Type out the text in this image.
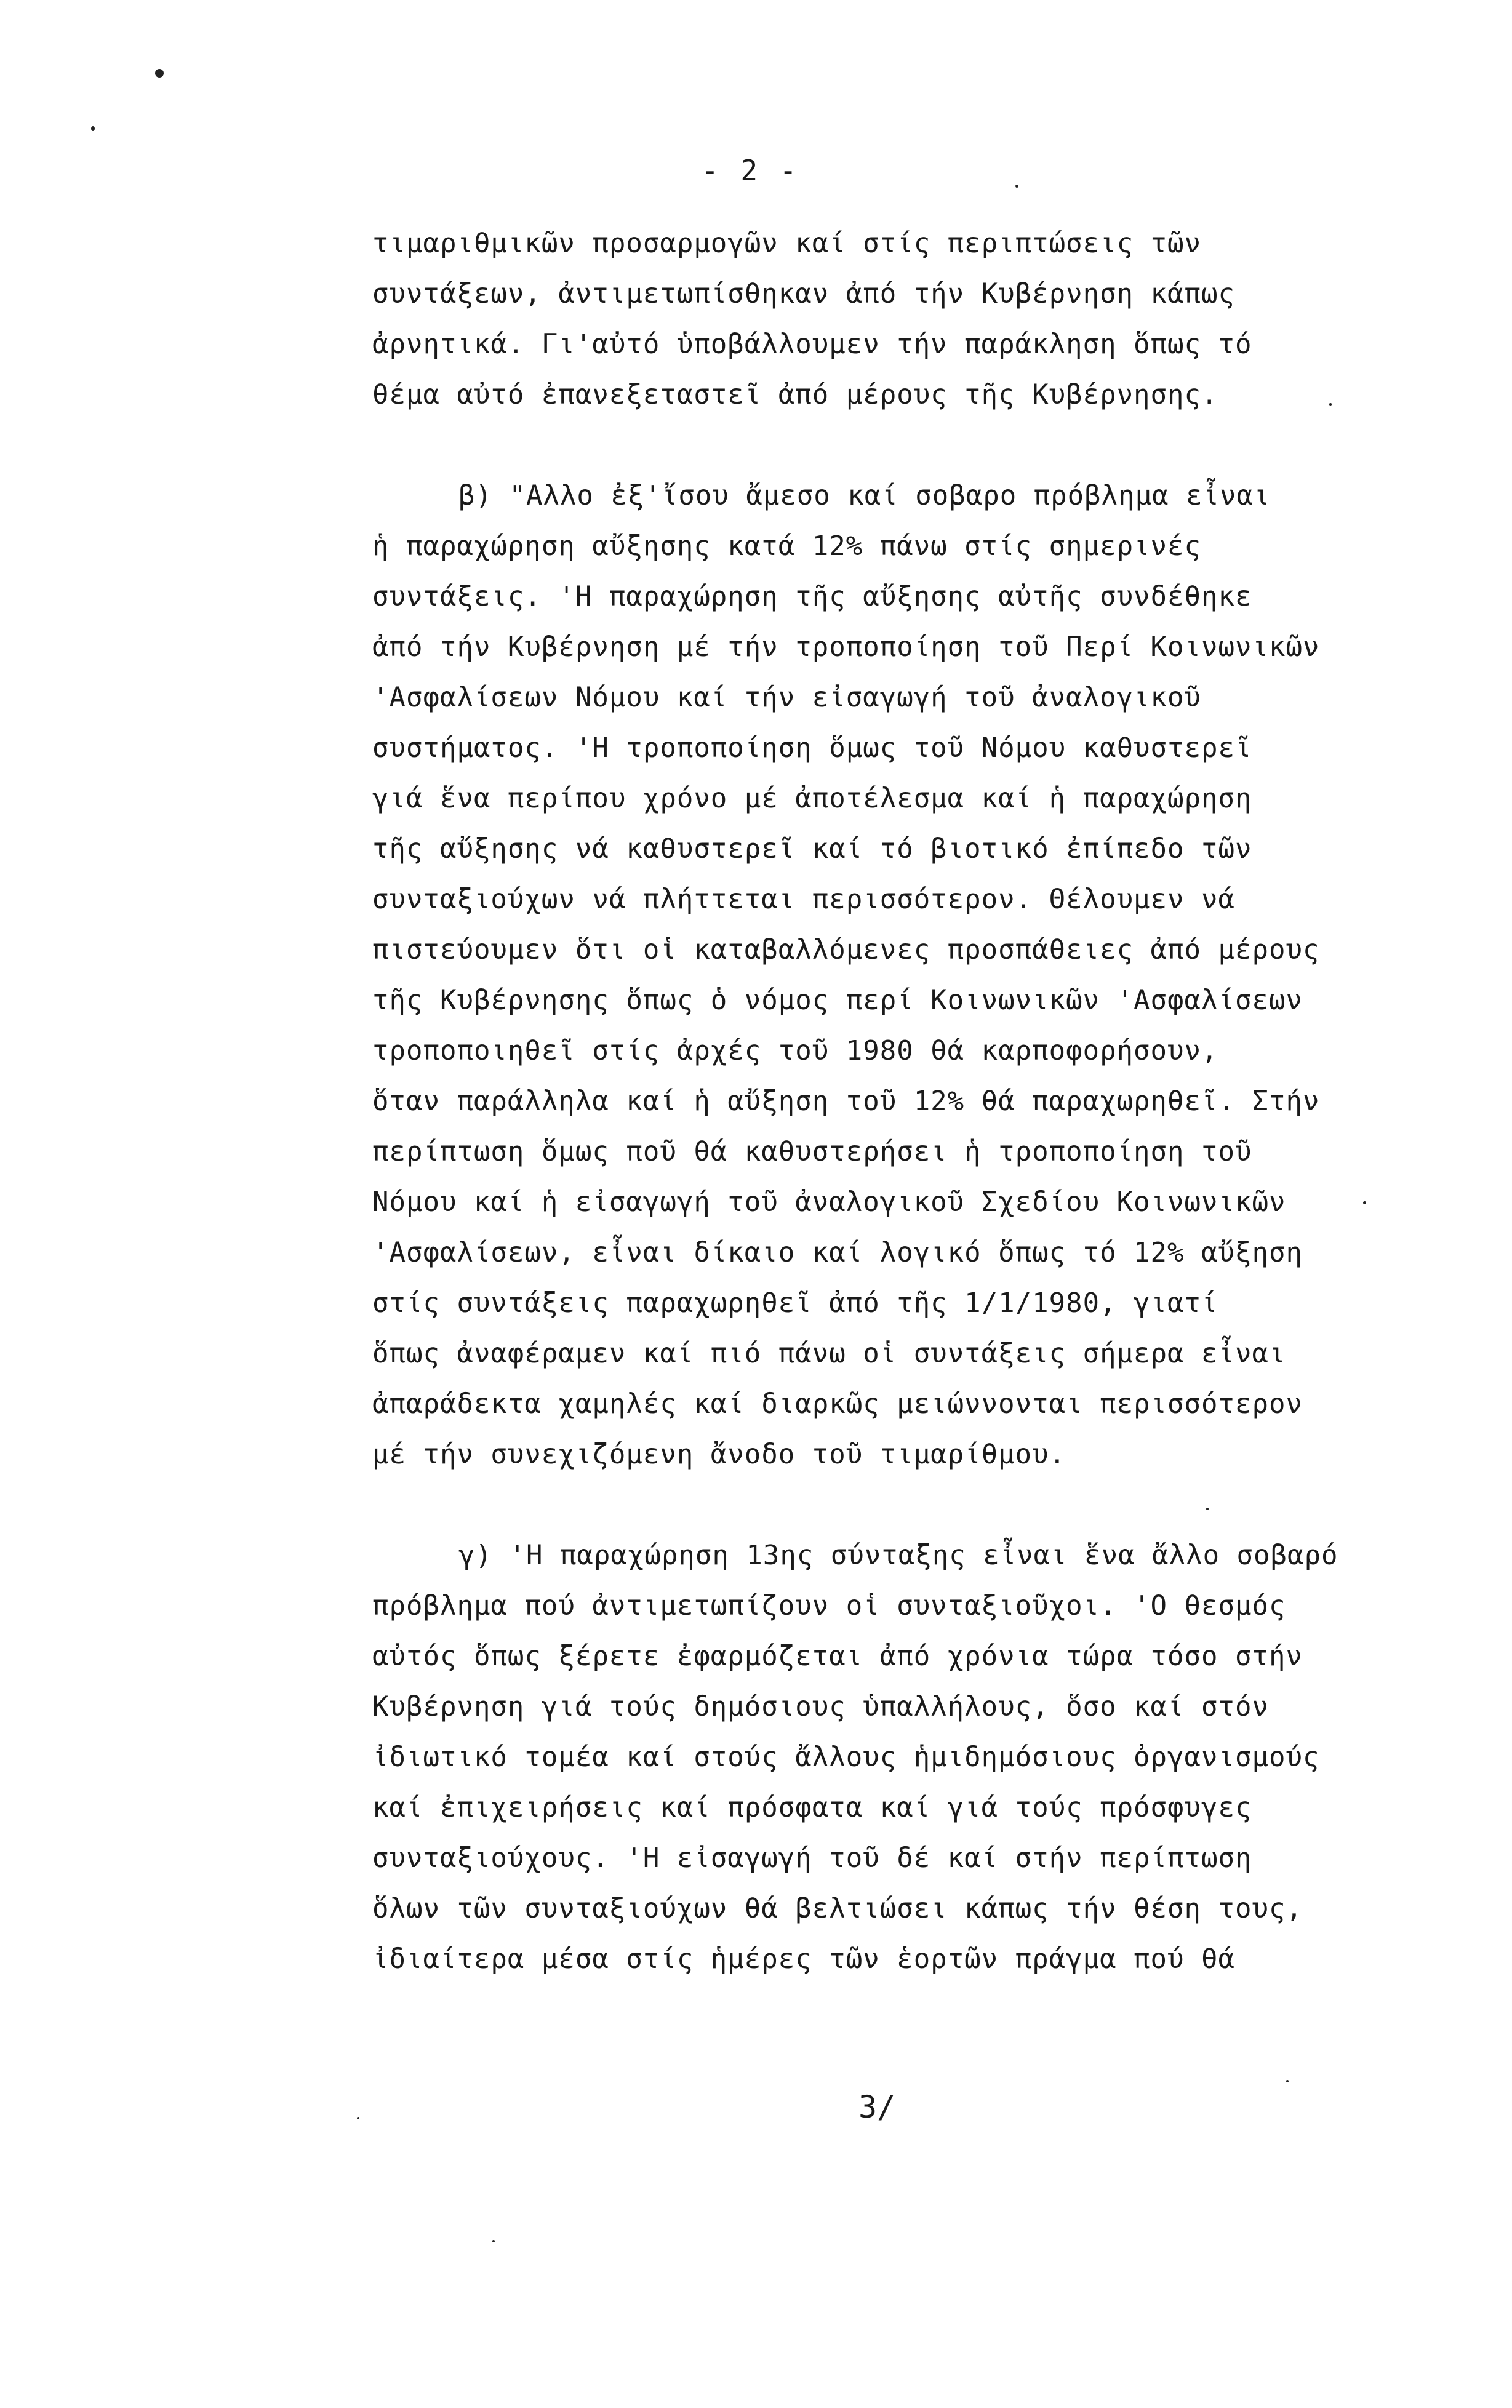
- 2 -
τιμαριθμικῶν προσαρμογῶν καί στίς περιπτώσεις τῶν
συντάξεων, ἀντιμετωπίσθηκαν ἀπό τήν Κυβέρνηση κάπως
ἀρνητικά. Γι'αὐτό ὑποβάλλουμεν τήν παράκληση ὅπως τό
θέμα αὐτό ἐπανεξεταστεῖ ἀπό μέρους τῆς Κυβέρνησης.
β) "Αλλο ἐξ'ἴσου ἄμεσο καί σοβαρο πρόβλημα εἶναι
ἡ παραχώρηση αὔξησης κατά 12% πάνω στίς σημερινές
συντάξεις. 'Η παραχώρηση τῆς αὔξησης αὐτῆς συνδέθηκε
ἀπό τήν Κυβέρνηση μέ τήν τροποποίηση τοῦ Περί Κοινωνικῶν
'Ασφαλίσεων Νόμου καί τήν εἰσαγωγή τοῦ ἀναλογικοῦ
συστήματος. 'Η τροποποίηση ὅμως τοῦ Νόμου καθυστερεῖ
γιά ἕνα περίπου χρόνο μέ ἀποτέλεσμα καί ἡ παραχώρηση
τῆς αὔξησης νά καθυστερεῖ καί τό βιοτικό ἐπίπεδο τῶν
συνταξιούχων νά πλήττεται περισσότερον. Θέλουμεν νά
πιστεύουμεν ὅτι οἱ καταβαλλόμενες προσπάθειες ἀπό μέρους
τῆς Κυβέρνησης ὅπως ὁ νόμος περί Κοινωνικῶν 'Ασφαλίσεων
τροποποιηθεῖ στίς ἀρχές τοῦ 1980 θά καρποφορήσουν,
ὅταν παράλληλα καί ἡ αὔξηση τοῦ 12% θά παραχωρηθεῖ. Στήν
περίπτωση ὅμως ποῦ θά καθυστερήσει ἡ τροποποίηση τοῦ
Νόμου καί ἡ εἰσαγωγή τοῦ ἀναλογικοῦ Σχεδίου Κοινωνικῶν
'Ασφαλίσεων, εἶναι δίκαιο καί λογικό ὅπως τό 12% αὔξηση
στίς συντάξεις παραχωρηθεῖ ἀπό τῆς 1/1/1980, γιατί
ὅπως ἀναφέραμεν καί πιό πάνω οἱ συντάξεις σήμερα εἶναι
ἀπαράδεκτα χαμηλές καί διαρκῶς μειώννονται περισσότερον
μέ τήν συνεχιζόμενη ἄνοδο τοῦ τιμαρίθμου.
γ) 'Η παραχώρηση 13ης σύνταξης εἶναι ἕνα ἄλλο σοβαρό
πρόβλημα πού ἀντιμετωπίζουν οἱ συνταξιοῦχοι. 'Ο θεσμός
αὐτός ὅπως ξέρετε ἐφαρμόζεται ἀπό χρόνια τώρα τόσο στήν
Κυβέρνηση γιά τούς δημόσιους ὑπαλλήλους, ὅσο καί στόν
ἰδιωτικό τομέα καί στούς ἄλλους ἡμιδημόσιους ὀργανισμούς
καί ἐπιχειρήσεις καί πρόσφατα καί γιά τούς πρόσφυγες
συνταξιούχους. 'Η εἰσαγωγή τοῦ δέ καί στήν περίπτωση
ὅλων τῶν συνταξιούχων θά βελτιώσει κάπως τήν θέση τους,
ἰδιαίτερα μέσα στίς ἡμέρες τῶν ἑορτῶν πράγμα πού θά
3/
